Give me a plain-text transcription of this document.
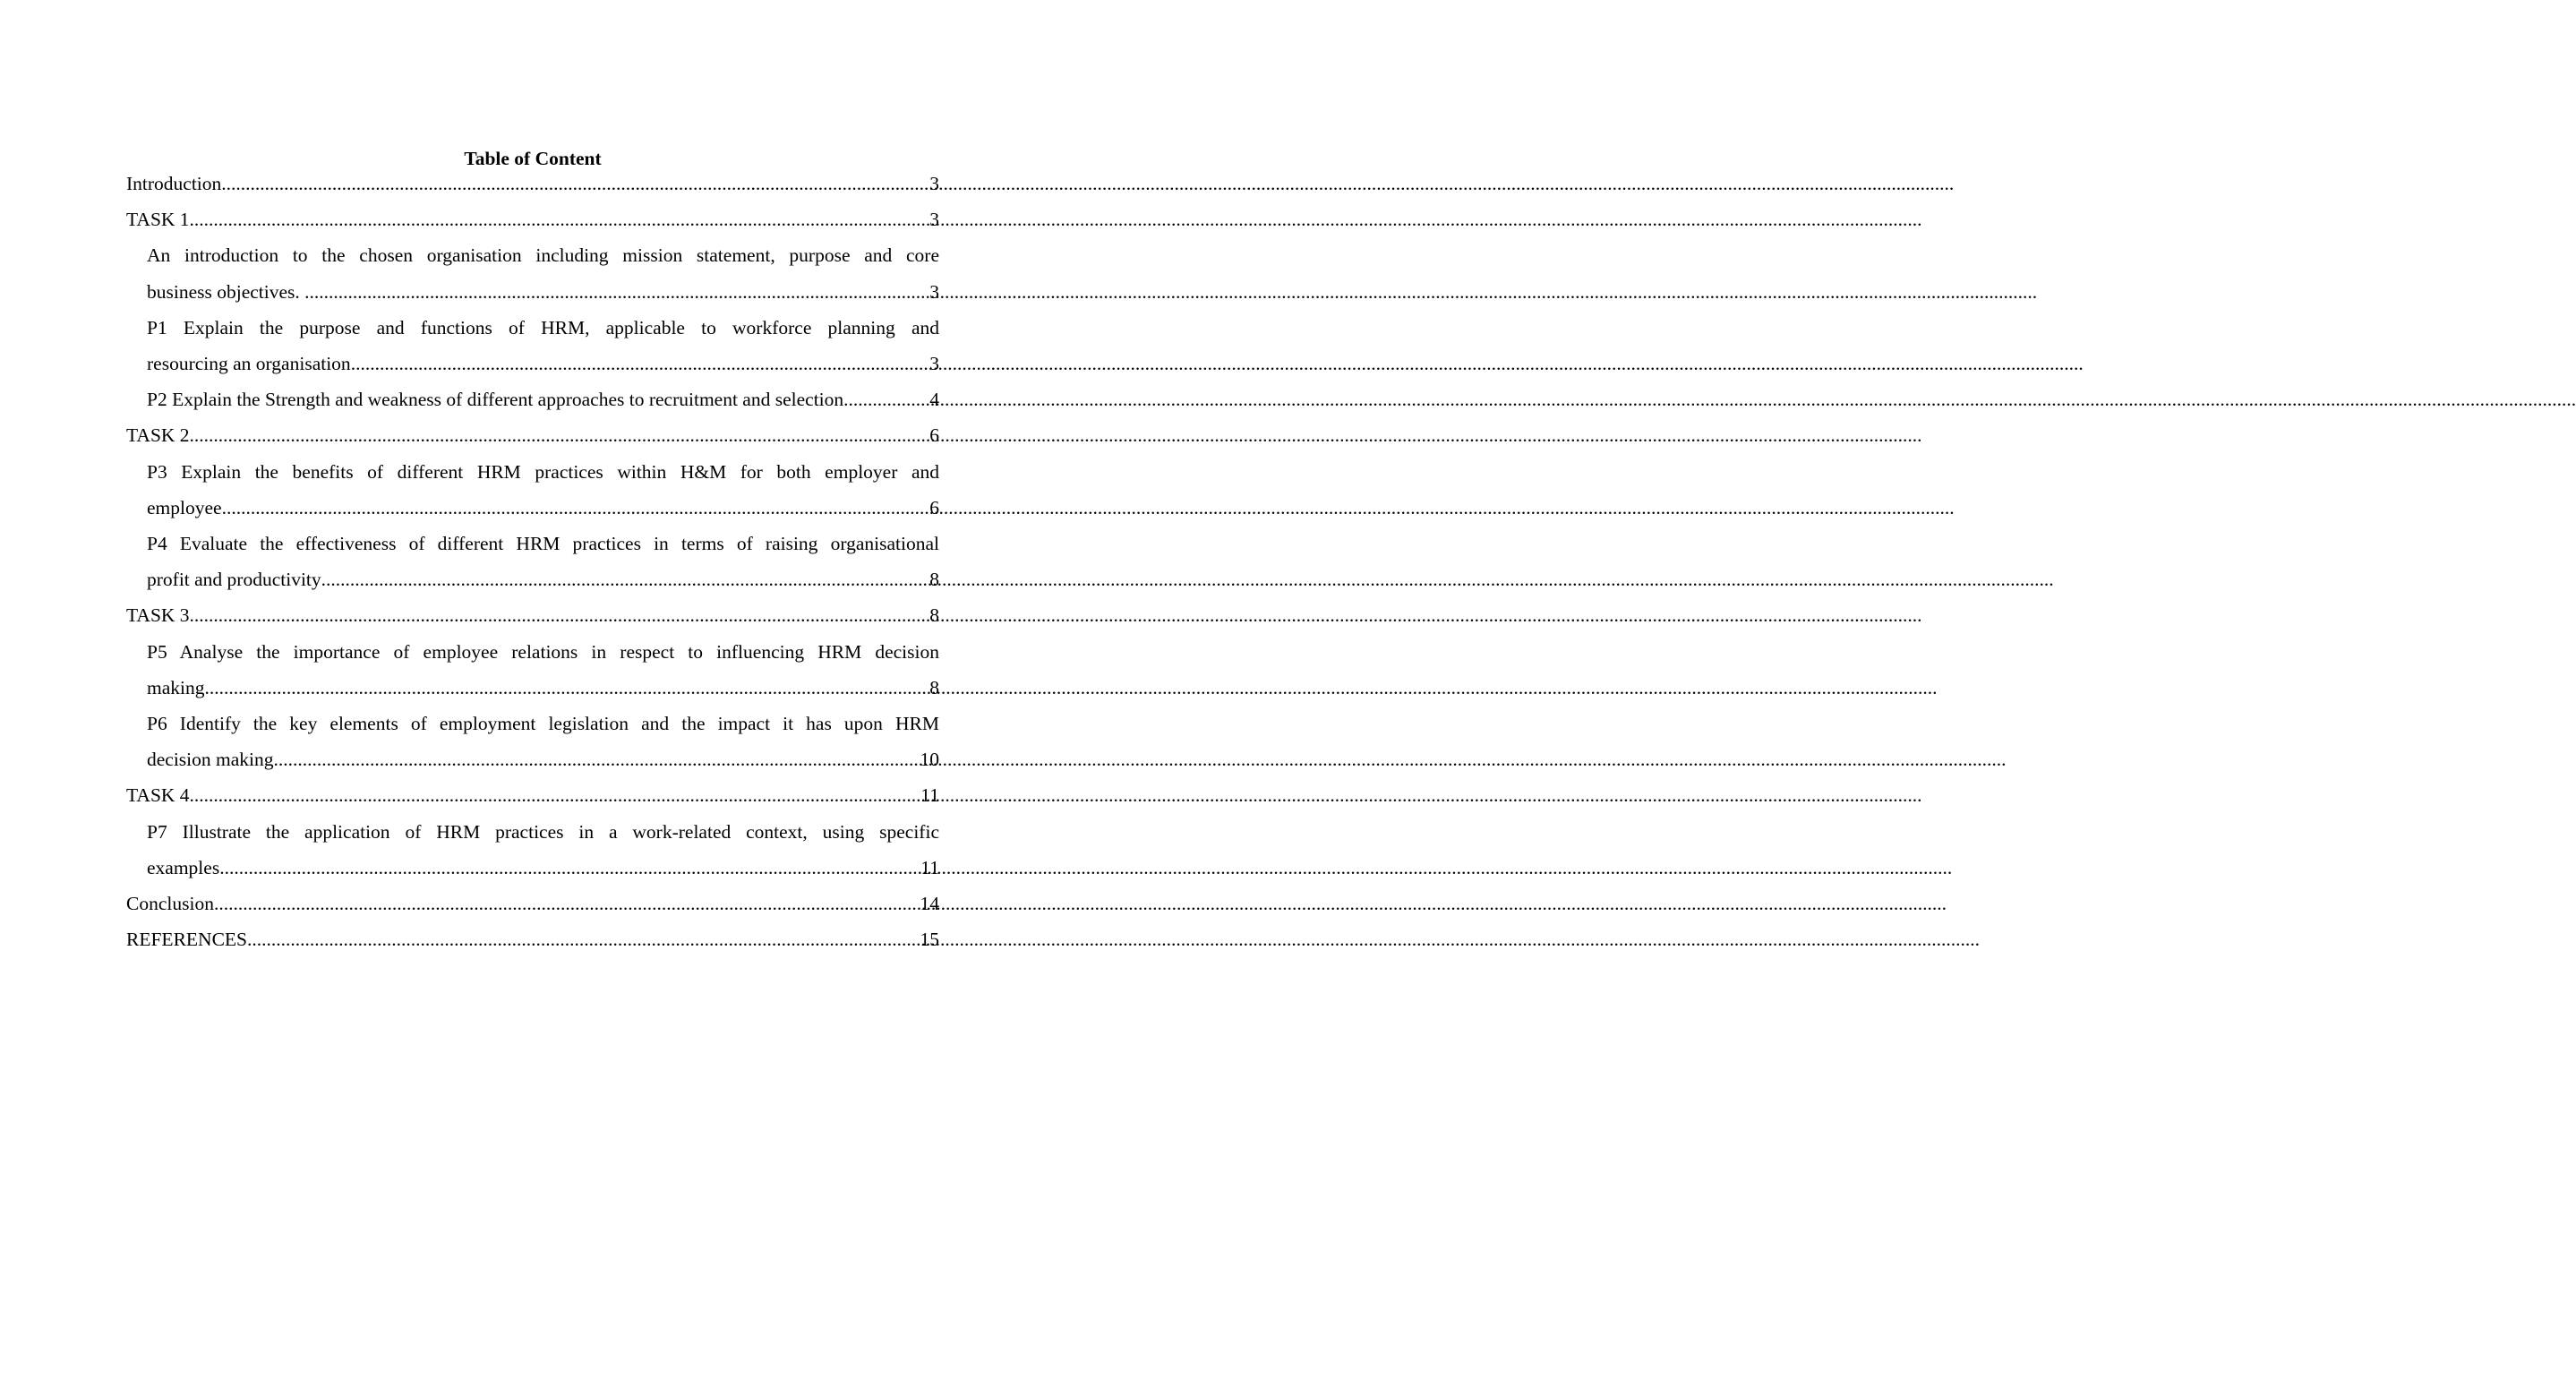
Table of Content
Introduction .....	3
TASK 1 .....	3
An introduction to the chosen organisation including mission statement, purpose and core
business objectives. .....	3
P1 Explain the purpose and functions of HRM, applicable to workforce planning and
resourcing an organisation .....	3
P2 Explain the Strength and weakness of different approaches to recruitment and selection .....	4
TASK 2 .....	6
P3 Explain the benefits of different HRM practices within H&M for both employer and
employee .....	6
P4 Evaluate the effectiveness of different HRM practices in terms of raising organisational
profit and productivity .....	8
TASK 3 .....	8
P5 Analyse the importance of employee relations in respect to influencing HRM decision
making .....	8
P6 Identify the key elements of employment legislation and the impact it has upon HRM
decision making .....	10
TASK 4 .....	11
P7 Illustrate the application of HRM practices in a work-related context, using specific
examples .....	11
Conclusion .....	14
REFERENCES .....	15
